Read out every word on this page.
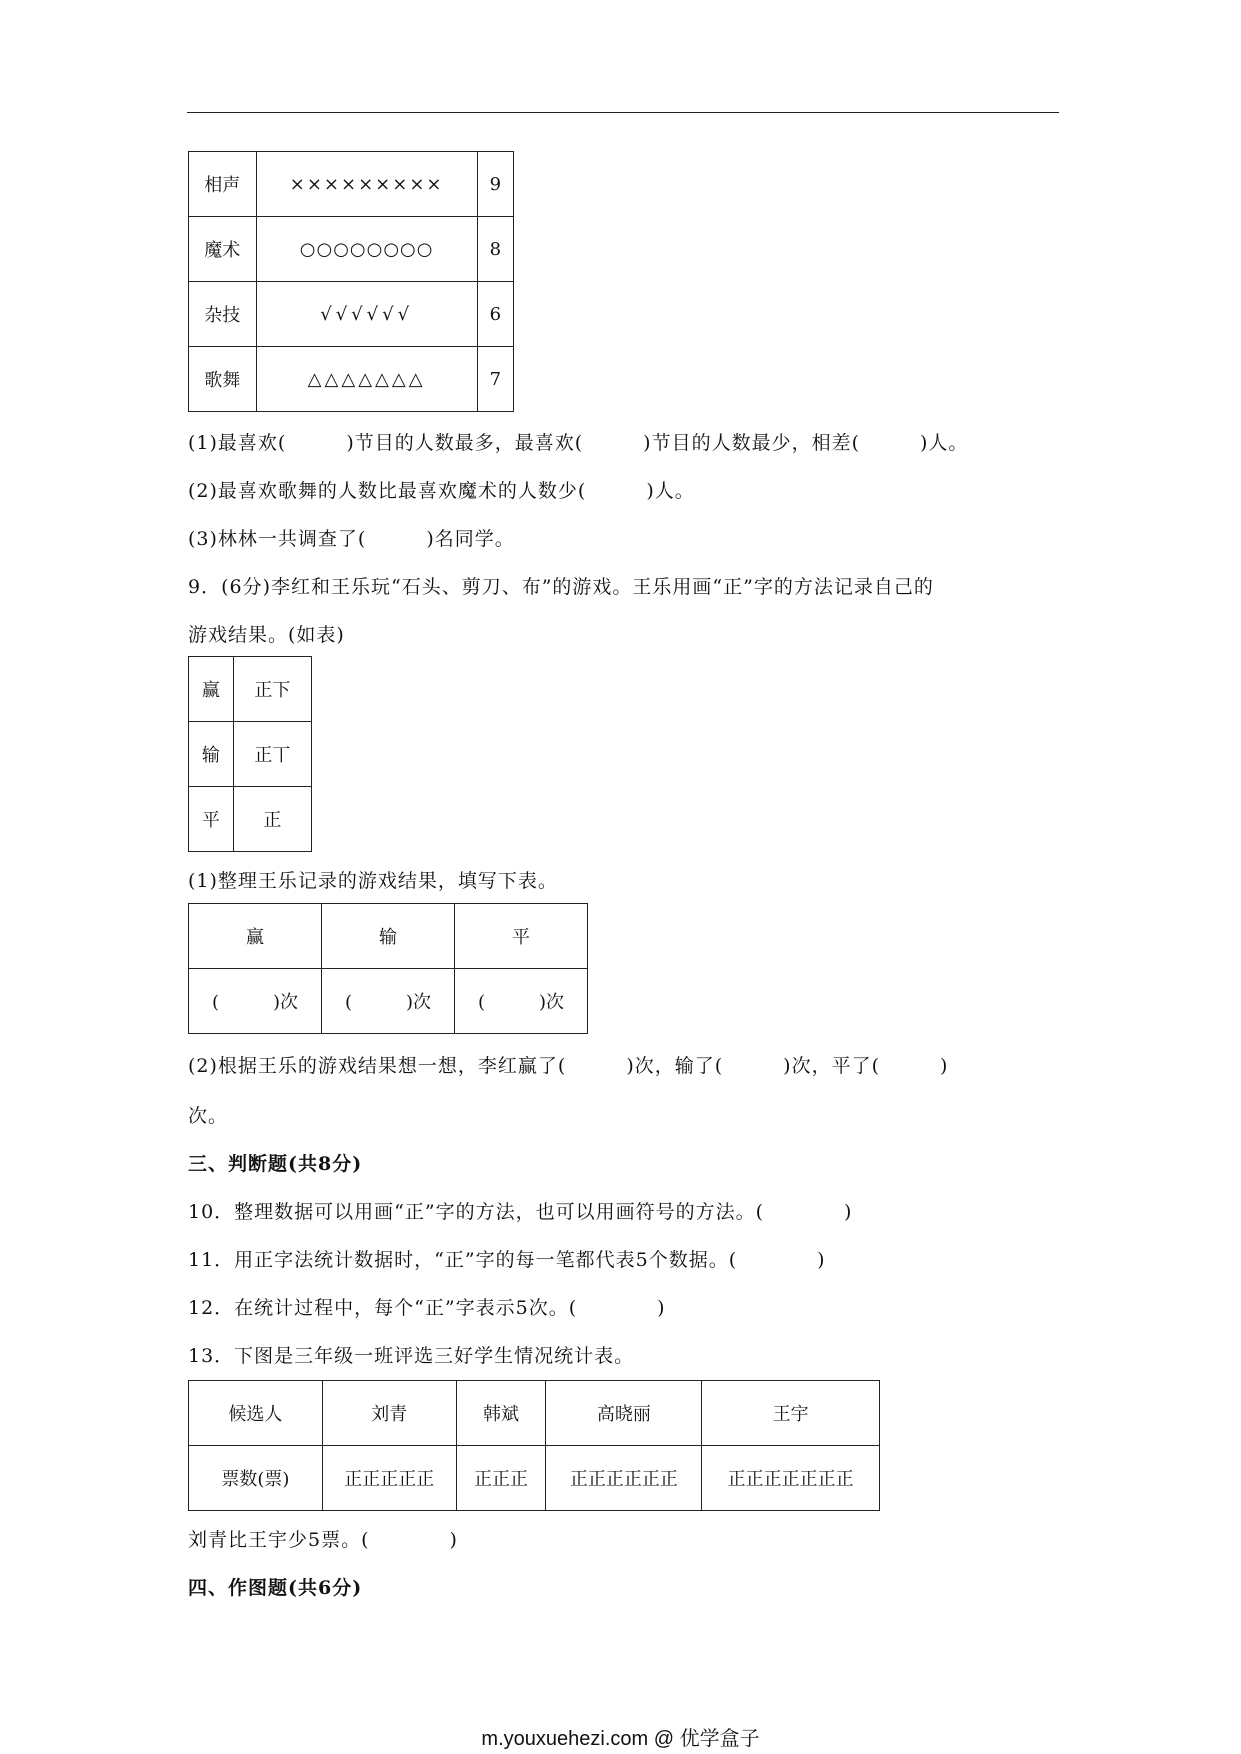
相声	×××××××××	9
魔术	○○○○○○○○	8
杂技	√√√√√√	6
歌舞	△△△△△△△	7
(1)最喜欢(　　　)节目的人数最多，最喜欢(　　　)节目的人数最少，相差(　　　)人。
(2)最喜欢歌舞的人数比最喜欢魔术的人数少(　　　)人。
(3)林林一共调查了(　　　)名同学。
9．(6分)李红和王乐玩“石头、剪刀、布”的游戏。王乐用画“正”字的方法记录自己的
游戏结果。(如表)
赢	正下
输	正丅
平	正
(1)整理王乐记录的游戏结果，填写下表。
赢	输	平
(　　　)次	(　　　)次	(　　　)次
(2)根据王乐的游戏结果想一想，李红赢了(　　　)次，输了(　　　)次，平了(　　　)
次。
三、判断题(共8分)
10．整理数据可以用画“正”字的方法，也可以用画符号的方法。(　　　　)
11．用正字法统计数据时，“正”字的每一笔都代表5个数据。(　　　　)
12．在统计过程中，每个“正”字表示5次。(　　　　)
13．下图是三年级一班评选三好学生情况统计表。
候选人	刘青	韩斌	高晓丽	王宇
票数(票)	正正正正正	正正正	正正正正正正	正正正正正正正
刘青比王宇少5票。(　　　　)
四、作图题(共6分)
m.youxuehezi.com @ 优学盒子
